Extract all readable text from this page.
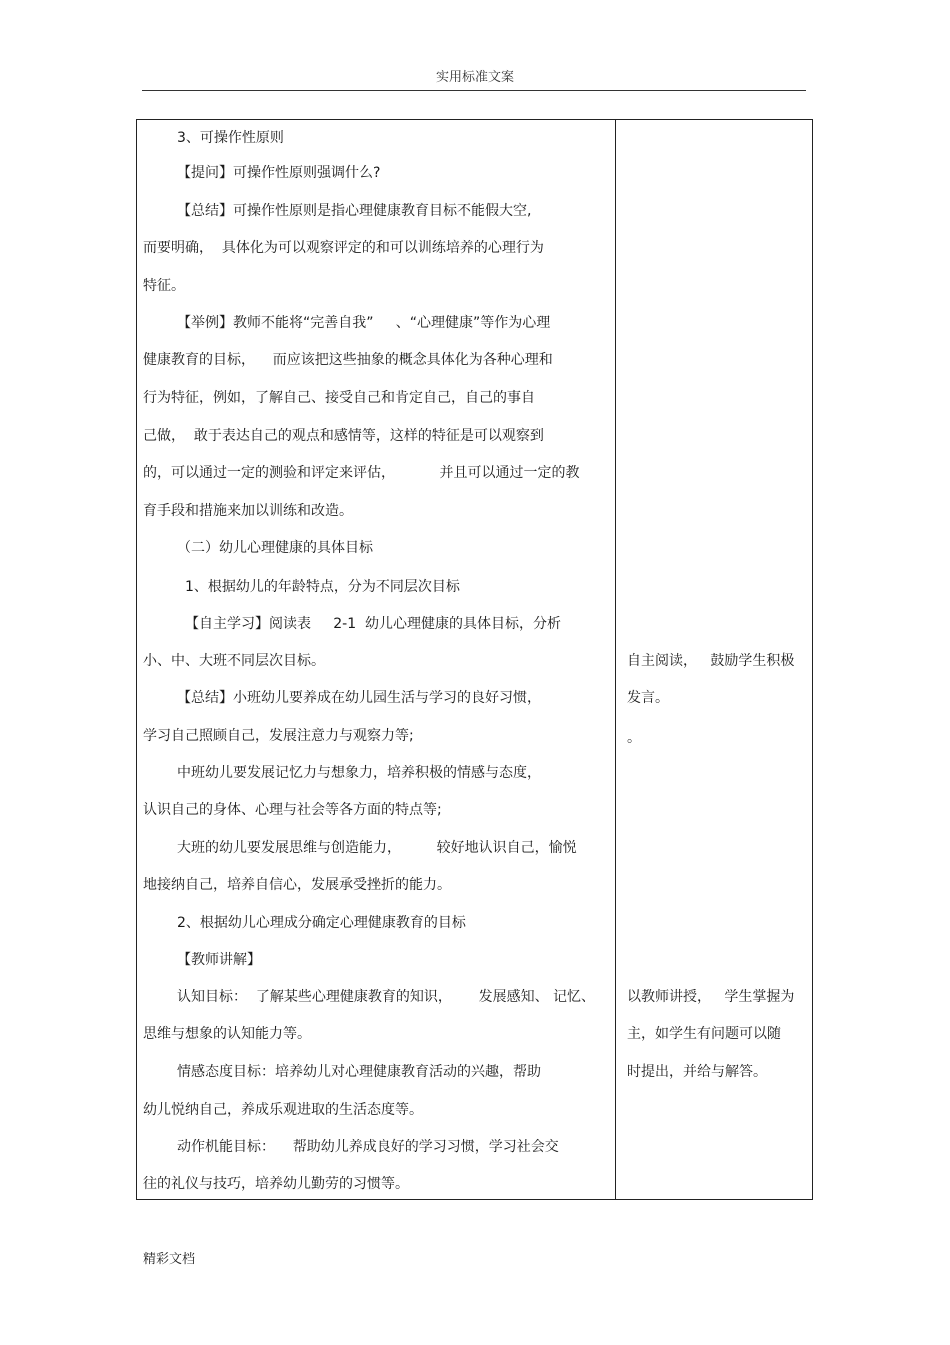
实用标准文案
3、可操作性原则
【提问】可操作性原则强调什么?
【总结】可操作性原则是指心理健康教育目标不能假大空,
而要明确，  具体化为可以观察评定的和可以训练培养的心理行为
特征。
【举例】教师不能将“完善自我”     、“心理健康”等作为心理
健康教育的目标，    而应该把这些抽象的概念具体化为各种心理和
行为特征，例如，了解自己、接受自己和肯定自己，自己的事自
己做，  敢于表达自己的观点和感情等，这样的特征是可以观察到
的，可以通过一定的测验和评定来评估，          并且可以通过一定的教
育手段和措施来加以训练和改造。
（二）幼儿心理健康的具体目标
1、根据幼儿的年龄特点，分为不同层次目标
【自主学习】阅读表     2-1  幼儿心理健康的具体目标，分析
小、中、大班不同层次目标。
【总结】小班幼儿要养成在幼儿园生活与学习的良好习惯，
学习自己照顾自己，发展注意力与观察力等;
中班幼儿要发展记忆力与想象力，培养积极的情感与态度，
认识自己的身体、心理与社会等各方面的特点等;
大班的幼儿要发展思维与创造能力，        较好地认识自己，愉悦
地接纳自己，培养自信心，发展承受挫折的能力。
2、根据幼儿心理成分确定心理健康教育的目标
【教师讲解】
认知目标：  了解某些心理健康教育的知识，      发展感知、 记忆、
思维与想象的认知能力等。
情感态度目标：培养幼儿对心理健康教育活动的兴趣，帮助
幼儿悦纳自己，养成乐观进取的生活态度等。
动作机能目标：    帮助幼儿养成良好的学习习惯，学习社会交
往的礼仪与技巧，培养幼儿勤劳的习惯等。
自主阅读，   鼓励学生积极
发言。
。
以教师讲授，   学生掌握为
主，如学生有问题可以随
时提出，并给与解答。
精彩文档
